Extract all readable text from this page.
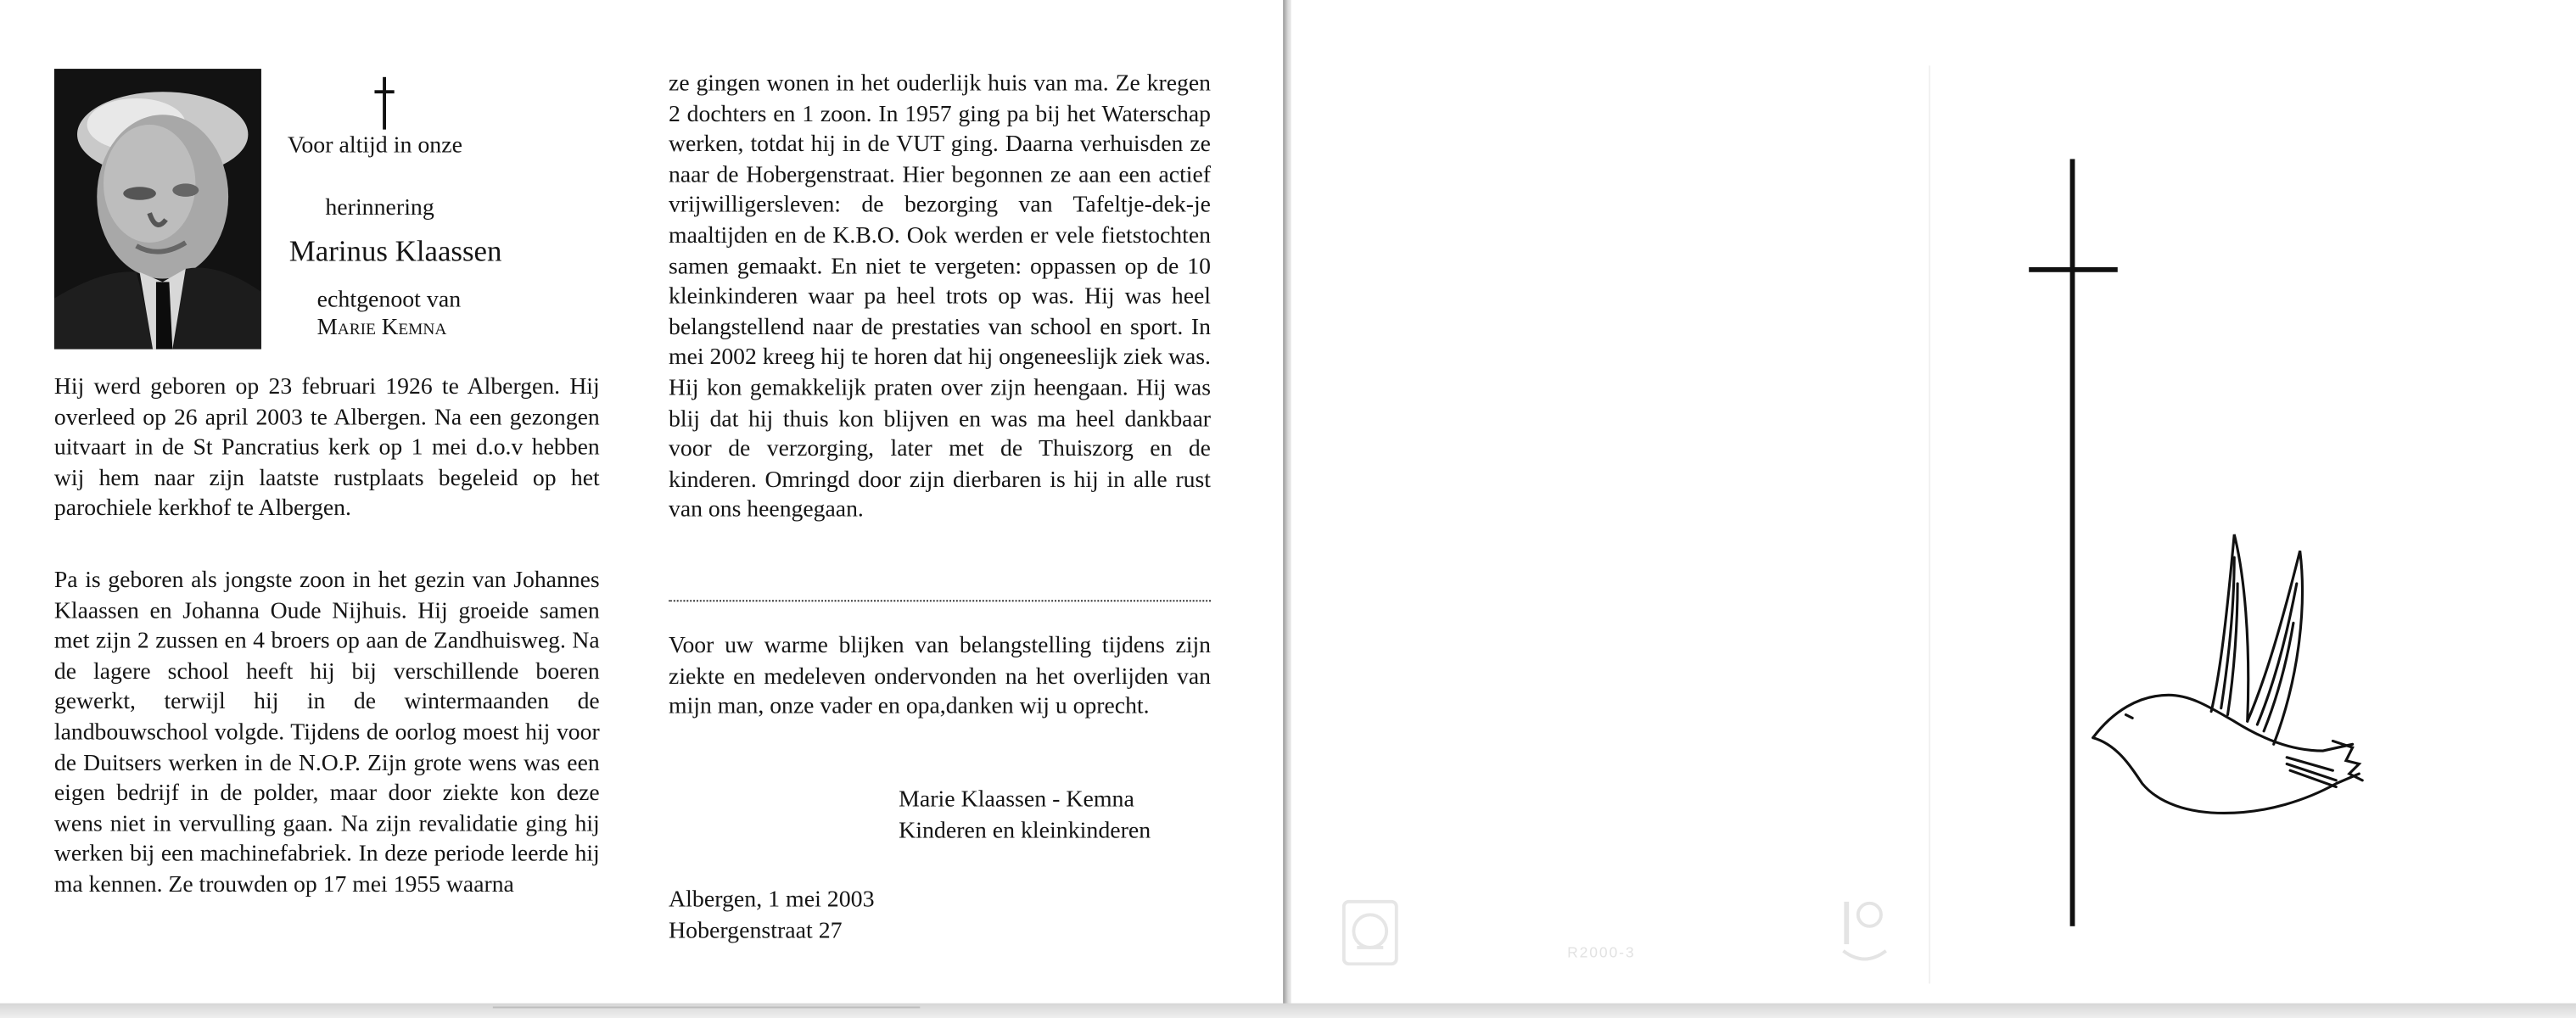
Voor altijd in onze
herinnering
Marinus Klaassen
echtgenoot van
Marie Kemna

Hij werd geboren op 23 februari 1926 te Albergen. Hij overleed op 26 april 2003 te Albergen. Na een gezongen uitvaart in de St Pancratius kerk op 1 mei d.o.v hebben wij hem naar zijn laatste rustplaats begeleid op het parochiele kerkhof te Albergen.

Pa is geboren als jongste zoon in het gezin van Johannes Klaassen en Johanna Oude Nijhuis. Hij groeide samen met zijn 2 zussen en 4 broers op aan de Zandhuisweg. Na de lagere school heeft hij bij verschillende boeren gewerkt, terwijl hij in de wintermaanden de landbouwschool volgde. Tijdens de oorlog moest hij voor de Duitsers werken in de N.O.P. Zijn grote wens was een eigen bedrijf in de polder, maar door ziekte kon deze wens niet in vervulling gaan. Na zijn revalidatie ging hij werken bij een machinefabriek. In deze periode leerde hij ma kennen. Ze trouwden op 17 mei 1955 waarna

ze gingen wonen in het ouderlijk huis van ma. Ze kregen 2 dochters en 1 zoon. In 1957 ging pa bij het Waterschap werken, totdat hij in de VUT ging. Daarna verhuisden ze naar de Hobergenstraat. Hier begonnen ze aan een actief vrijwilligersleven: de bezorging van Tafeltje-dek-je maaltijden en de K.B.O. Ook werden er vele fietstochten samen gemaakt. En niet te vergeten: oppassen op de 10 kleinkinderen waar pa heel trots op was. Hij was heel belangstellend naar de prestaties van school en sport. In mei 2002 kreeg hij te horen dat hij ongeneeslijk ziek was. Hij kon gemakkelijk praten over zijn heengaan. Hij was blij dat hij thuis kon blijven en was ma heel dankbaar voor de verzorging, later met de Thuiszorg en de kinderen. Omringd door zijn dierbaren is hij in alle rust van ons heengegaan.

Voor uw warme blijken van belangstelling tijdens zijn ziekte en medeleven ondervonden na het overlijden van mijn man, onze vader en opa,danken wij u oprecht.

Marie Klaassen - Kemna
Kinderen en kleinkinderen
Albergen, 1 mei 2003
Hobergenstraat 27
R2000-3
